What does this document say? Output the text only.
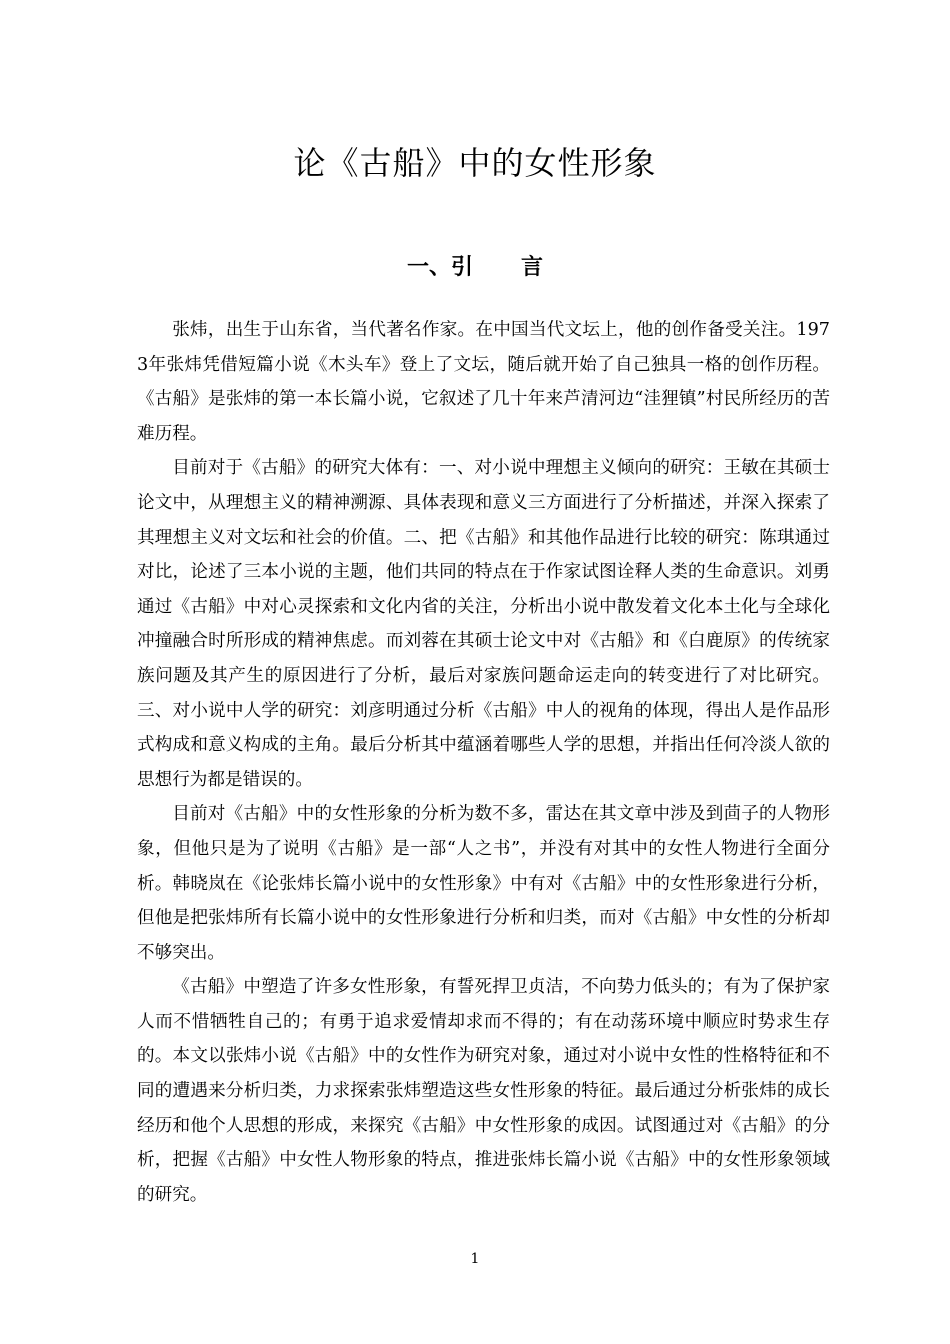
论《古船》中的女性形象
一、引 言

张炜，出生于山东省，当代著名作家。在中国当代文坛上，他的创作备受关注。1973年张炜凭借短篇小说《木头车》登上了文坛，随后就开始了自己独具一格的创作历程。《古船》是张炜的第一本长篇小说，它叙述了几十年来芦清河边“洼狸镇”村民所经历的苦难历程。

目前对于《古船》的研究大体有：一、对小说中理想主义倾向的研究：王敏在其硕士论文中，从理想主义的精神溯源、具体表现和意义三方面进行了分析描述，并深入探索了其理想主义对文坛和社会的价值。二、把《古船》和其他作品进行比较的研究：陈琪通过对比，论述了三本小说的主题，他们共同的特点在于作家试图诠释人类的生命意识。刘勇通过《古船》中对心灵探索和文化内省的关注，分析出小说中散发着文化本土化与全球化冲撞融合时所形成的精神焦虑。而刘蓉在其硕士论文中对《古船》和《白鹿原》的传统家族问题及其产生的原因进行了分析，最后对家族问题命运走向的转变进行了对比研究。三、对小说中人学的研究：刘彦明通过分析《古船》中人的视角的体现，得出人是作品形式构成和意义构成的主角。最后分析其中蕴涵着哪些人学的思想，并指出任何冷淡人欲的思想行为都是错误的。

目前对《古船》中的女性形象的分析为数不多，雷达在其文章中涉及到茴子的人物形象，但他只是为了说明《古船》是一部“人之书”，并没有对其中的女性人物进行全面分析。韩晓岚在《论张炜长篇小说中的女性形象》中有对《古船》中的女性形象进行分析，但他是把张炜所有长篇小说中的女性形象进行分析和归类，而对《古船》中女性的分析却不够突出。

《古船》中塑造了许多女性形象，有誓死捍卫贞洁，不向势力低头的；有为了保护家人而不惜牺牲自己的；有勇于追求爱情却求而不得的；有在动荡环境中顺应时势求生存的。本文以张炜小说《古船》中的女性作为研究对象，通过对小说中女性的性格特征和不同的遭遇来分析归类，力求探索张炜塑造这些女性形象的特征。最后通过分析张炜的成长经历和他个人思想的形成，来探究《古船》中女性形象的成因。试图通过对《古船》的分析，把握《古船》中女性人物形象的特点，推进张炜长篇小说《古船》中的女性形象领域的研究。

1
